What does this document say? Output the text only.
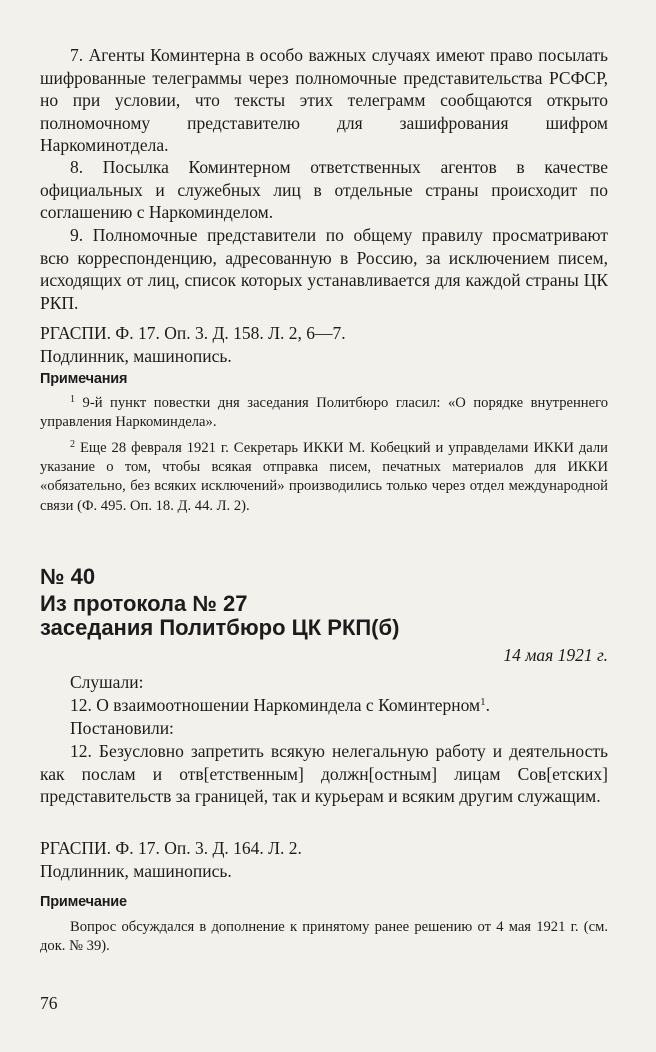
7. Агенты Коминтерна в особо важных случаях имеют право посылать шифрованные телеграммы через полномочные представительства РСФСР, но при условии, что тексты этих телеграмм сообщаются открыто полномочному представителю для зашифрования шифром Наркоминотдела.

8. Посылка Коминтерном ответственных агентов в качестве официальных и служебных лиц в отдельные страны происходит по соглашению с Наркоминделом.

9. Полномочные представители по общему правилу просматривают всю корреспонденцию, адресованную в Россию, за исключением писем, исходящих от лиц, список которых устанавливается для каждой страны ЦК РКП.

РГАСПИ. Ф. 17. Оп. 3. Д. 158. Л. 2, 6—7.

Подлинник, машинопись.

Примечания

$^1$ 9-й пункт повестки дня заседания Политбюро гласил: «О порядке внутреннего управления Наркоминдела».

$^2$ Еще 28 февраля 1921 г. Секретарь ИККИ М. Кобецкий и управделами ИККИ дали указание о том, чтобы всякая отправка писем, печатных материалов для ИККИ «обязательно, без всяких исключений» производились только через отдел международной связи (Ф. 495. Оп. 18. Д. 44. Л. 2).

№ 40

Из протокола № 27

заседания Политбюро ЦК РКП(б)

14 мая 1921 г.

Слушали:

12. О взаимоотношении Наркоминдела с Коминтерном$^1$.

Постановили:

12. Безусловно запретить всякую нелегальную работу и деятельность как послам и отв[етственным] должн[остным] лицам Сов[етских] представительств за границей, так и курьерам и всяким другим служащим.

РГАСПИ. Ф. 17. Оп. 3. Д. 164. Л. 2.

Подлинник, машинопись.

Примечание

Вопрос обсуждался в дополнение к принятому ранее решению от 4 мая 1921 г. (см. док. № 39).

76
